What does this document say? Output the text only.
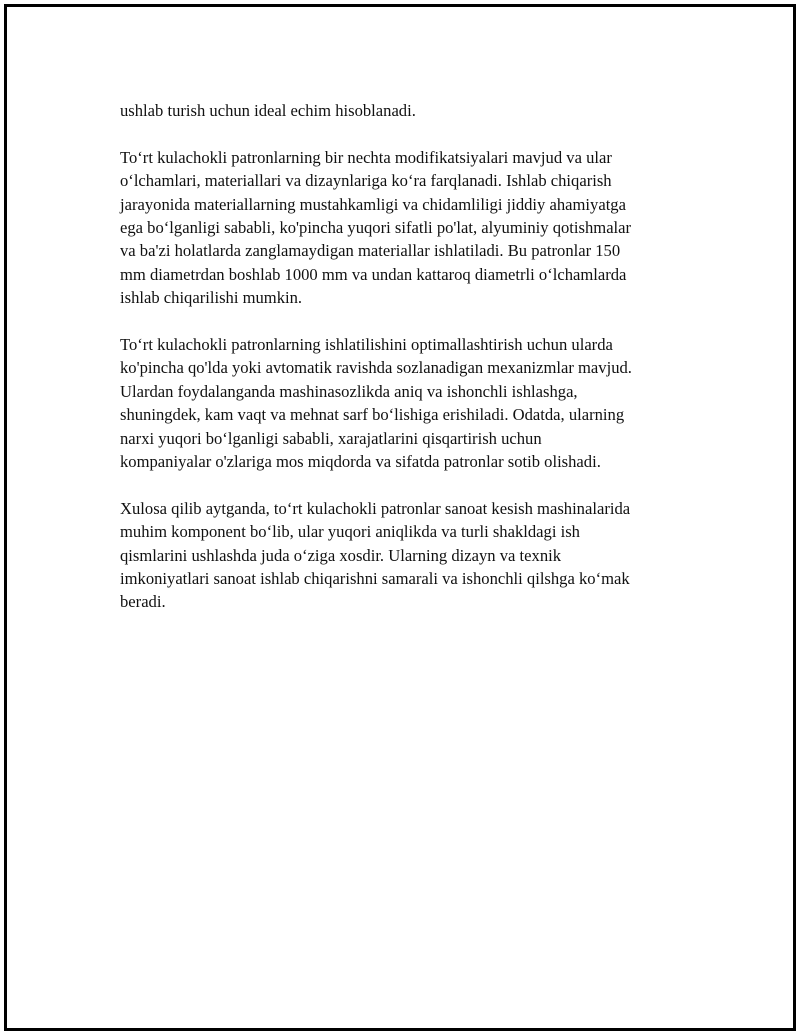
ushlab turish uchun ideal echim hisoblanadi.

To‘rt kulachokli patronlarning bir nechta modifikatsiyalari mavjud va ular
o‘lchamlari, materiallari va dizaynlariga ko‘ra farqlanadi. Ishlab chiqarish
jarayonida materiallarning mustahkamligi va chidamliligi jiddiy ahamiyatga
ega bo‘lganligi sababli, ko'pincha yuqori sifatli po'lat, alyuminiy qotishmalar
va ba'zi holatlarda zanglamaydigan materiallar ishlatiladi. Bu patronlar 150
mm diametrdan boshlab 1000 mm va undan kattaroq diametrli o‘lchamlarda
ishlab chiqarilishi mumkin.

To‘rt kulachokli patronlarning ishlatilishini optimallashtirish uchun ularda
ko'pincha qo'lda yoki avtomatik ravishda sozlanadigan mexanizmlar mavjud.
Ulardan foydalanganda mashinasozlikda aniq va ishonchli ishlashga,
shuningdek, kam vaqt va mehnat sarf bo‘lishiga erishiladi. Odatda, ularning
narxi yuqori bo‘lganligi sababli, xarajatlarini qisqartirish uchun
kompaniyalar o'zlariga mos miqdorda va sifatda patronlar sotib olishadi.

Xulosa qilib aytganda, to‘rt kulachokli patronlar sanoat kesish mashinalarida
muhim komponent bo‘lib, ular yuqori aniqlikda va turli shakldagi ish
qismlarini ushlashda juda o‘ziga xosdir. Ularning dizayn va texnik
imkoniyatlari sanoat ishlab chiqarishni samarali va ishonchli qilshga ko‘mak
beradi.
